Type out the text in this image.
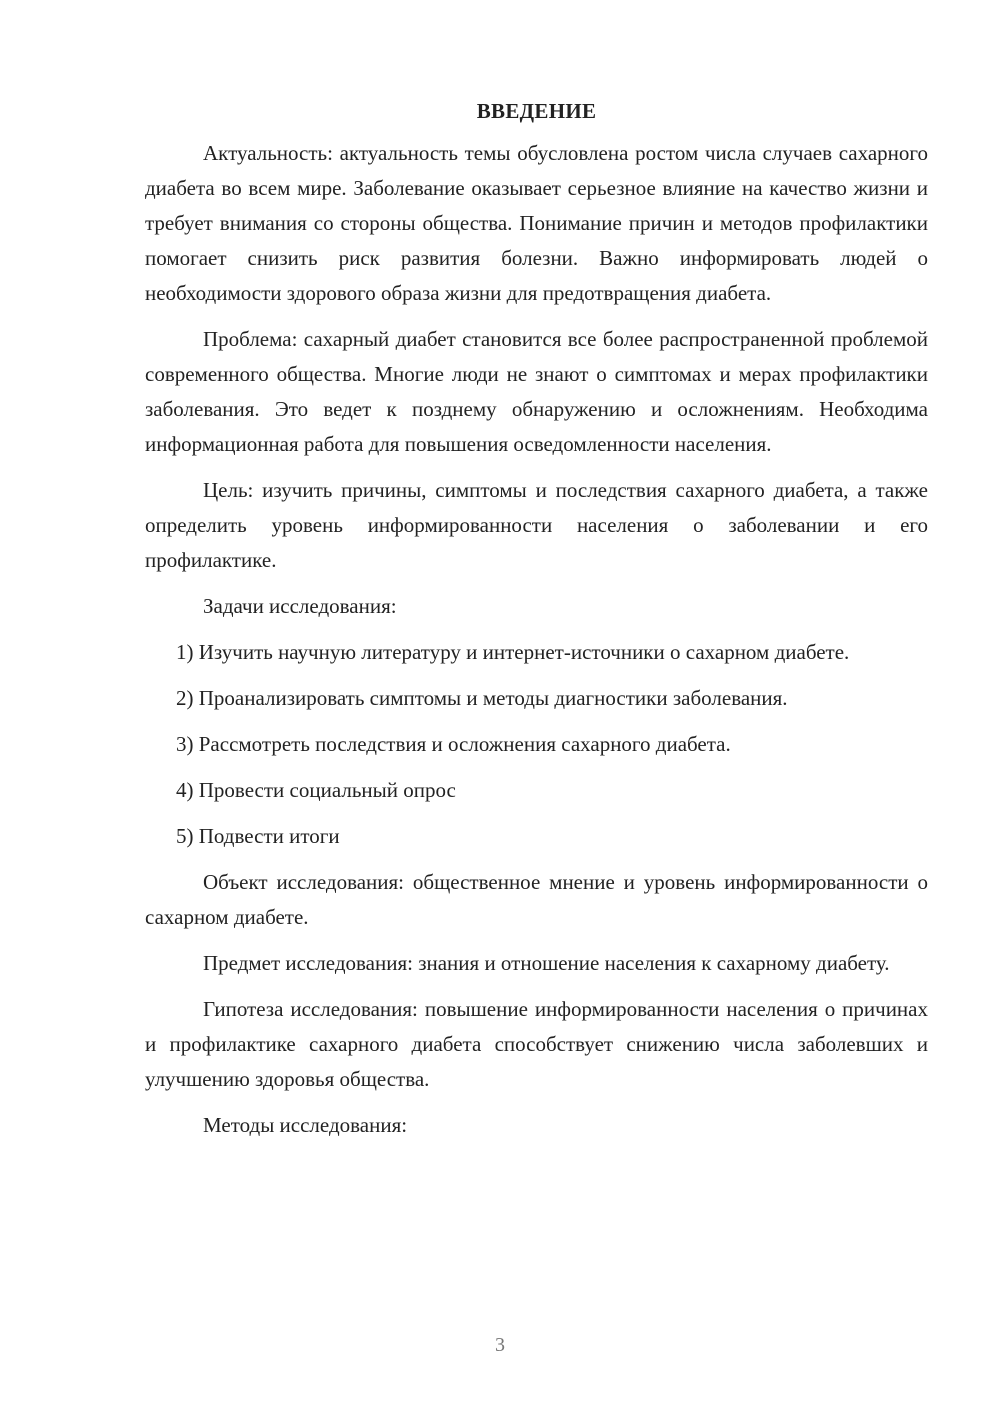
ВВЕДЕНИЕ

Актуальность: актуальность темы обусловлена ростом числа случаев сахарного диабета во всем мире. Заболевание оказывает серьезное влияние на качество жизни и требует внимания со стороны общества. Понимание причин и методов профилактики помогает снизить риск развития болезни. Важно информировать людей о необходимости здорового образа жизни для предотвращения диабета.

Проблема: сахарный диабет становится все более распространенной проблемой современного общества. Многие люди не знают о симптомах и мерах профилактики заболевания. Это ведет к позднему обнаружению и осложнениям. Необходима информационная работа для повышения осведомленности населения.

Цель: изучить причины, симптомы и последствия сахарного диабета, а также определить уровень информированности населения о заболевании и его профилактике.

Задачи исследования:

1) Изучить научную литературу и интернет-источники о сахарном диабете.

2) Проанализировать симптомы и методы диагностики заболевания.

3) Рассмотреть последствия и осложнения сахарного диабета.

4) Провести социальный опрос

5) Подвести итоги

Объект исследования: общественное мнение и уровень информированности о сахарном диабете.

Предмет исследования: знания и отношение населения к сахарному диабету.

Гипотеза исследования: повышение информированности населения о причинах и профилактике сахарного диабета способствует снижению числа заболевших и улучшению здоровья общества.

Методы исследования:

3
